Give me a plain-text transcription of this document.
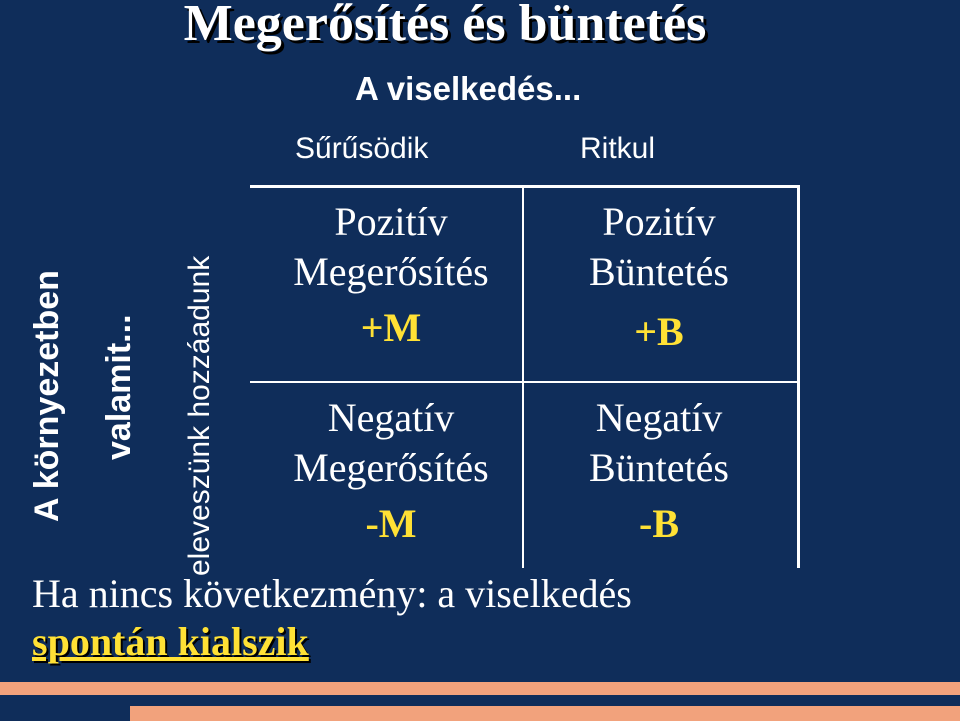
Megerősítés és büntetés
A viselkedés...
Sűrűsödik	Ritkul
A környezetben valamit... eleveszünk hozzáadunk
Pozitív
Megerősítés
+M
Pozitív
Büntetés
+B
Negatív
Megerősítés
-M
Negatív
Büntetés
-B
Ha nincs következmény: a viselkedés
spontán kialszik
